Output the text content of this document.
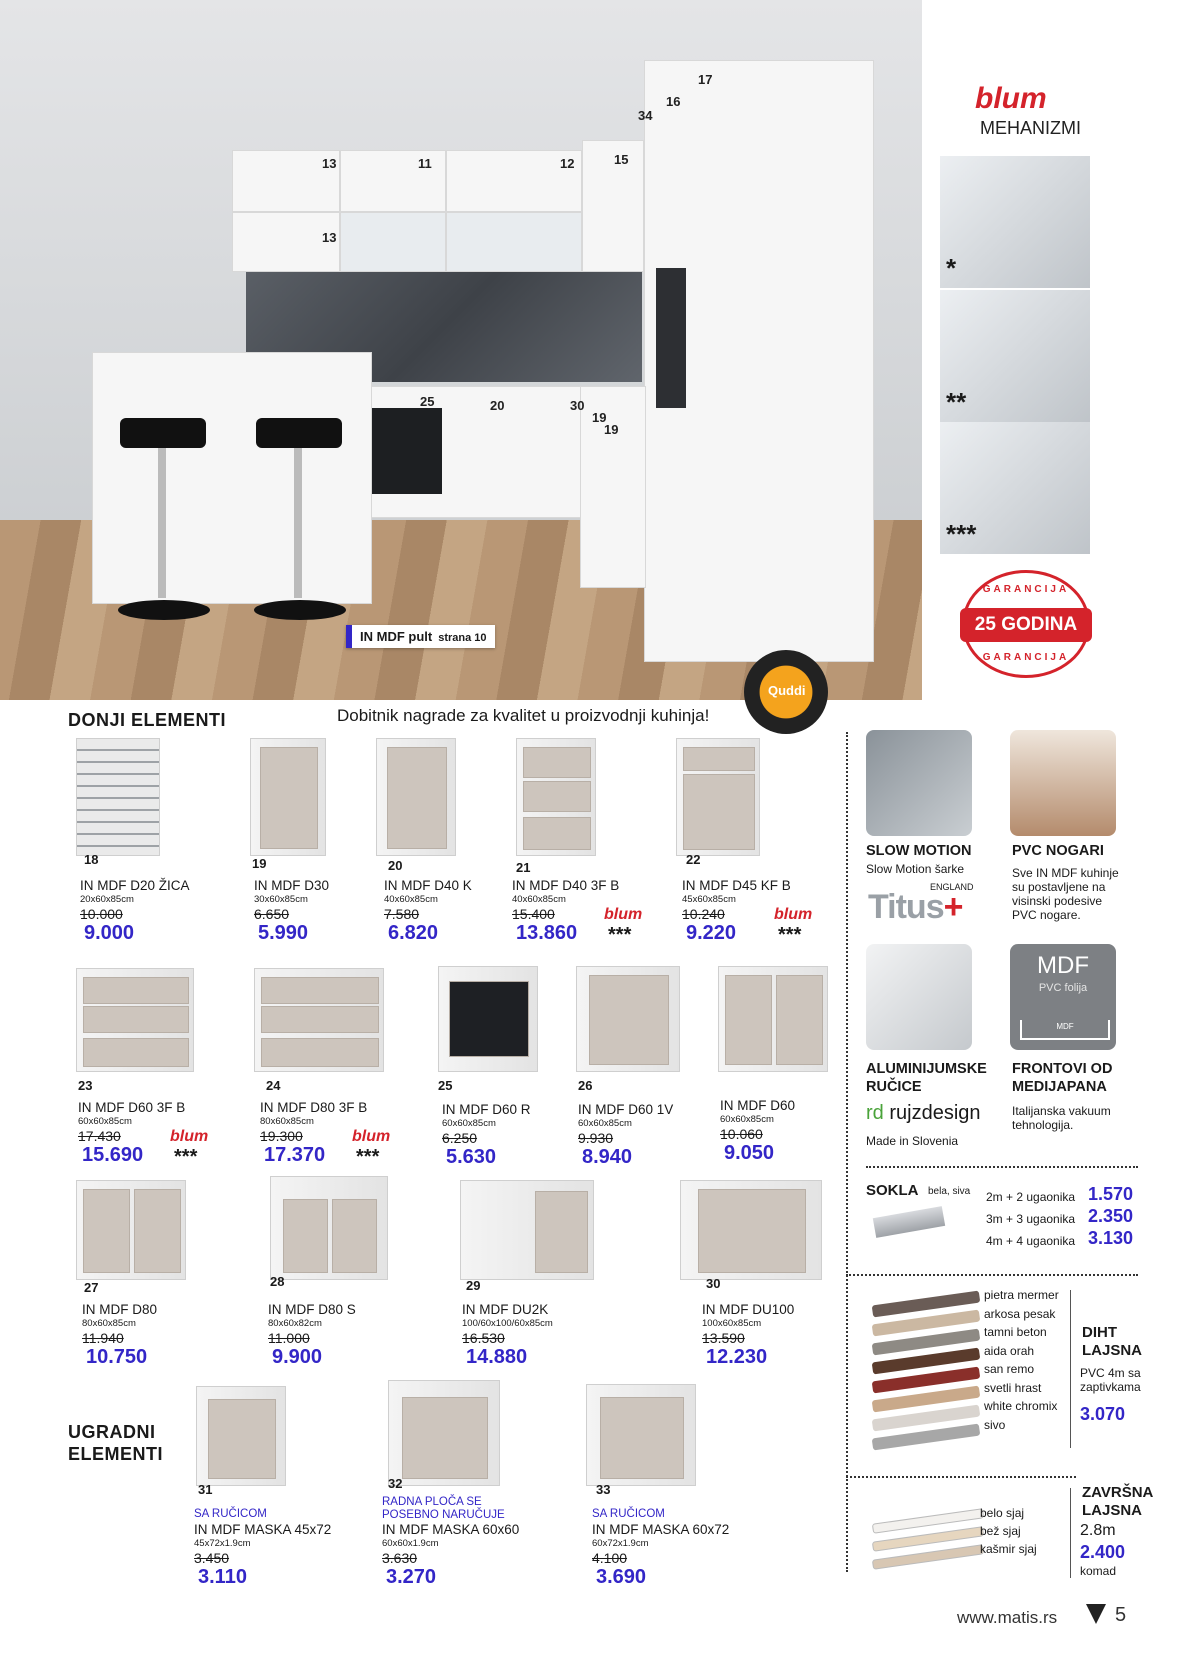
17
16
34
13	11	12	15
13
25	20	30
19
19
IN MDF pult strana 10
Quddi
blum
MEHANIZMI
*
**
***
GARANCIJA
25 GODINA
GARANCIJA
DONJI ELEMENTI	Dobitnik nagrade za kvalitet u proizvodnji kuhinja!
18
IN MDF D20 ŽICA
20x60x85cm
10.000
9.000
19
IN MDF D30
30x60x85cm
6.650
5.990
20
IN MDF D40 K
40x60x85cm
7.580
6.820
21
IN MDF D40 3F B
40x60x85cm
15.400
13.860
blum
***
22
IN MDF D45 KF B
45x60x85cm
10.240
9.220
blum
***
23
IN MDF D60 3F B
60x60x85cm
17.430
15.690
blum
***
24
IN MDF D80 3F B
80x60x85cm
19.300
17.370
blum
***
25
IN MDF D60 R
60x60x85cm
6.250
5.630
26
IN MDF D60 1V
60x60x85cm
9.930
8.940
IN MDF D60
60x60x85cm
10.060
9.050
27
IN MDF D80
80x60x85cm
11.940
10.750
28
IN MDF D80 S
80x60x82cm
11.000
9.900
29
IN MDF DU2K
100/60x100/60x85cm
16.530
14.880
30
IN MDF DU100
100x60x85cm
13.590
12.230
31
SA RUČICOM
IN MDF MASKA 45x72
45x72x1.9cm
3.450
3.110
32
RADNA PLOČA SE POSEBNO NARUČUJE
IN MDF MASKA 60x60
60x60x1.9cm
3.630
3.270
33
SA RUČICOM
IN MDF MASKA 60x72
60x72x1.9cm
4.100
3.690
UGRADNI
ELEMENTI
SLOW MOTION
Slow Motion šarke
ENGLAND
Titus+
PVC NOGARI
Sve IN MDF kuhinje su postavljene na visinski podesive PVC nogare.
ALUMINIJUMSKE
RUČICE
rd rujzdesign
Made in Slovenia
MDF
PVC folija
MDF
FRONTOVI OD
MEDIJAPANA
Italijanska vakuum tehnologija.
SOKLA bela, siva 2m + 2 ugaonika 1.570
3m + 3 ugaonika 2.350
4m + 4 ugaonika 3.130
pietra mermer
arkosa pesak
tamni beton
aida orah
san remo
svetli hrast
white chromix
sivo
DIHT
LAJSNA
PVC 4m sa
zaptivkama
3.070
belo sjaj
bež sjaj
kašmir sjaj
ZAVRŠNA
LAJSNA
2.8m
2.400
komad
www.matis.rs	5
